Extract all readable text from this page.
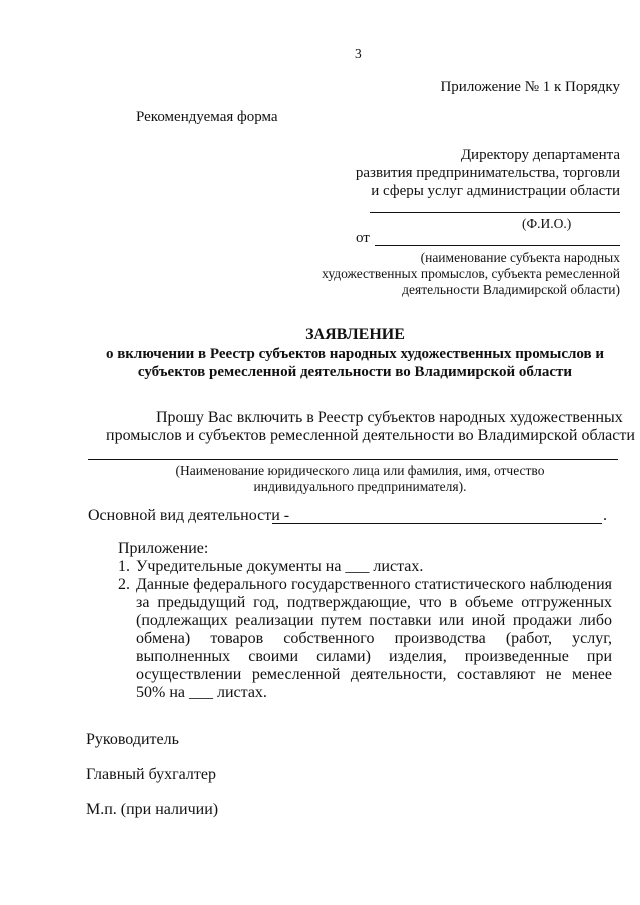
3
Приложение № 1 к Порядку
Рекомендуемая форма
Директору департамента
развития предпринимательства, торговли
и сферы услуг администрации области
(Ф.И.О.)
от
(наименование субъекта народных
художественных промыслов, субъекта ремесленной
деятельности Владимирской области)
ЗАЯВЛЕНИЕ
о включении в Реестр субъектов народных художественных промыслов и
субъектов ремесленной деятельности во Владимирской области
Прошу Вас включить в Реестр субъектов народных художественных
промыслов и субъектов ремесленной деятельности во Владимирской области
(Наименование юридического лица или фамилия, имя, отчество
индивидуального предпринимателя).
Основной вид деятельности -	.
Приложение:
1. Учредительные документы на ___ листах.
2. Данные федерального государственного статистического наблюдения за предыдущий год, подтверждающие, что в объеме отгруженных (подлежащих реализации путем поставки или иной продажи либо обмена) товаров собственного производства (работ, услуг, выполненных своими силами) изделия, произведенные при осуществлении ремесленной деятельности, составляют не менее 50% на ___ листах.
Руководитель
Главный бухгалтер
М.п. (при наличии)
